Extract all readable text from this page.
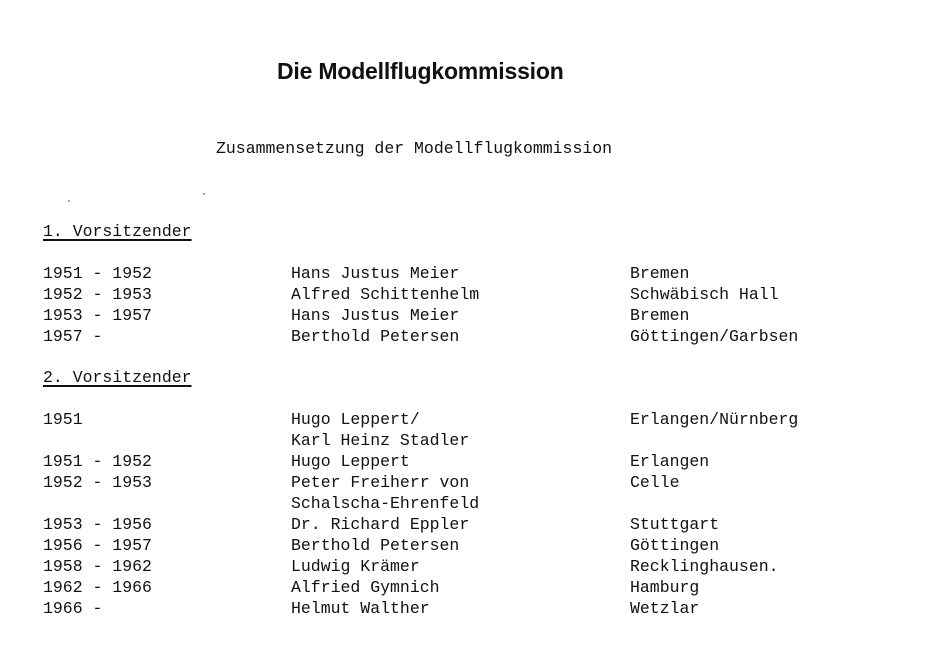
Die Modellflugkommission
Zusammensetzung der Modellflugkommission
1. Vorsitzender
1951 - 1952	Hans Justus Meier	Bremen
1952 - 1953	Alfred Schittenhelm	Schwäbisch Hall
1953 - 1957	Hans Justus Meier	Bremen
1957 -	Berthold Petersen	Göttingen/Garbsen
2. Vorsitzender
1951	Hugo Leppert/	Erlangen/Nürnberg
Karl Heinz Stadler
1951 - 1952	Hugo Leppert	Erlangen
1952 - 1953	Peter Freiherr von	Celle
Schalscha-Ehrenfeld
1953 - 1956	Dr. Richard Eppler	Stuttgart
1956 - 1957	Berthold Petersen	Göttingen
1958 - 1962	Ludwig Krämer	Recklinghausen.
1962 - 1966	Alfried Gymnich	Hamburg
1966 -	Helmut Walther	Wetzlar
